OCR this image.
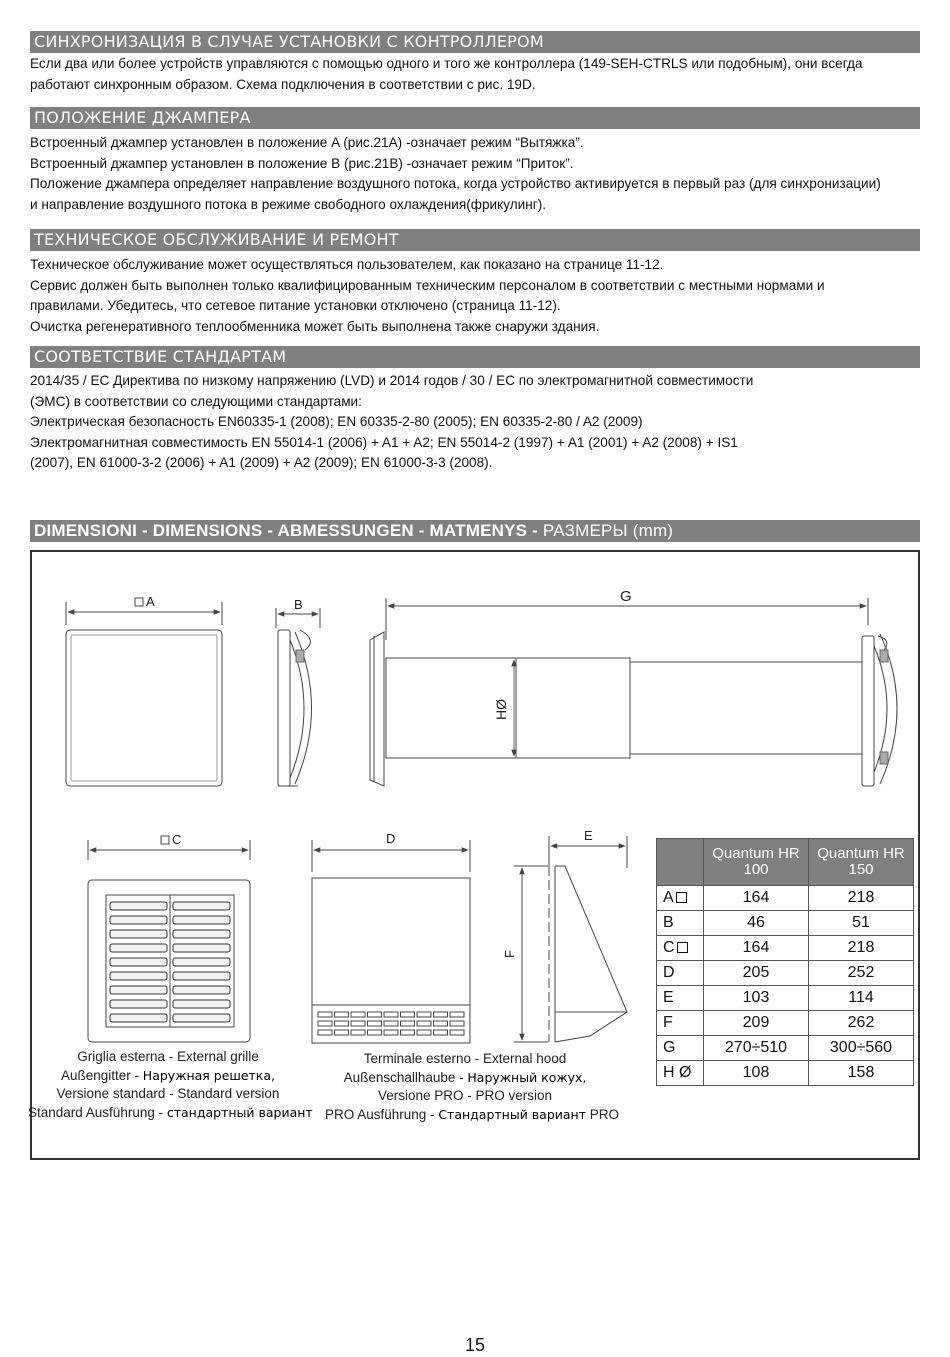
СИНХРОНИЗАЦИЯ В СЛУЧАЕ УСТАНОВКИ С КОНТРОЛЛЕРОМ
Если два или более устройств управляются с помощью одного и того же контроллера (149-SEH-CTRLS или подобным), они всегда
работают синхронным образом. Схема подключения в соответствии с рис. 19D.
ПОЛОЖЕНИЕ ДЖАМПЕРА
Встроенный джампер установлен в положение A (рис.21A) -означает режим “Вытяжка”.
Встроенный джампер установлен в положение B (рис.21B) -означает режим “Приток”.
Положение джампера определяет направление воздушного потока, когда устройство активируется в первый раз (для синхронизации)
и направление воздушного потока в режиме свободного охлаждения(фрикулинг).
ТЕХНИЧЕСКОЕ ОБСЛУЖИВАНИЕ И РЕМОНТ
Техническое обслуживание может осуществляться пользователем, как показано на странице 11-12.
Сервис должен быть выполнен только квалифицированным техническим персоналом в соответствии с местными нормами и
правилами. Убедитесь, что сетевое питание установки отключено (страница 11-12).
Очистка регенеративного теплообменника может быть выполнена также снаружи здания.
СООТВЕТСТВИЕ СТАНДАРТАМ
2014/35 / EC Директива по низкому напряжению (LVD) и 2014 годов / 30 / EC по электромагнитной совместимости
(ЭМС) в соответствии со следующими стандартами:
Электрическая безопасность EN60335-1 (2008); EN 60335-2-80 (2005); EN 60335-2-80 / A2 (2009)
Электромагнитная совместимость EN 55014-1 (2006) + A1 + A2; EN 55014-2 (1997) + A1 (2001) + A2 (2008) + IS1
(2007), EN 61000-3-2 (2006) + A1 (2009) + A2 (2009); EN 61000-3-3 (2008).
DIMENSIONI - DIMENSIONS - ABMESSUNGEN - MATMENYS - РАЗМЕРЫ (mm)
A	B	G
HØ
C	D	E
F
Griglia esterna - External grille
Außengitter - Наружная решетка,
Versione standard - Standard version
Standard Ausführung - стандартный вариант
Terminale esterno - External hood
Außenschallhaube - Наружный кожух,
Versione PRO - PRO version
PRO Ausführung - Стандартный вариант PRO
	Quantum HR 100	Quantum HR 150
A	164	218
B	46	51
C	164	218
D	205	252
E	103	114
F	209	262
G	270÷510	300÷560
H Ø	108	158
15
